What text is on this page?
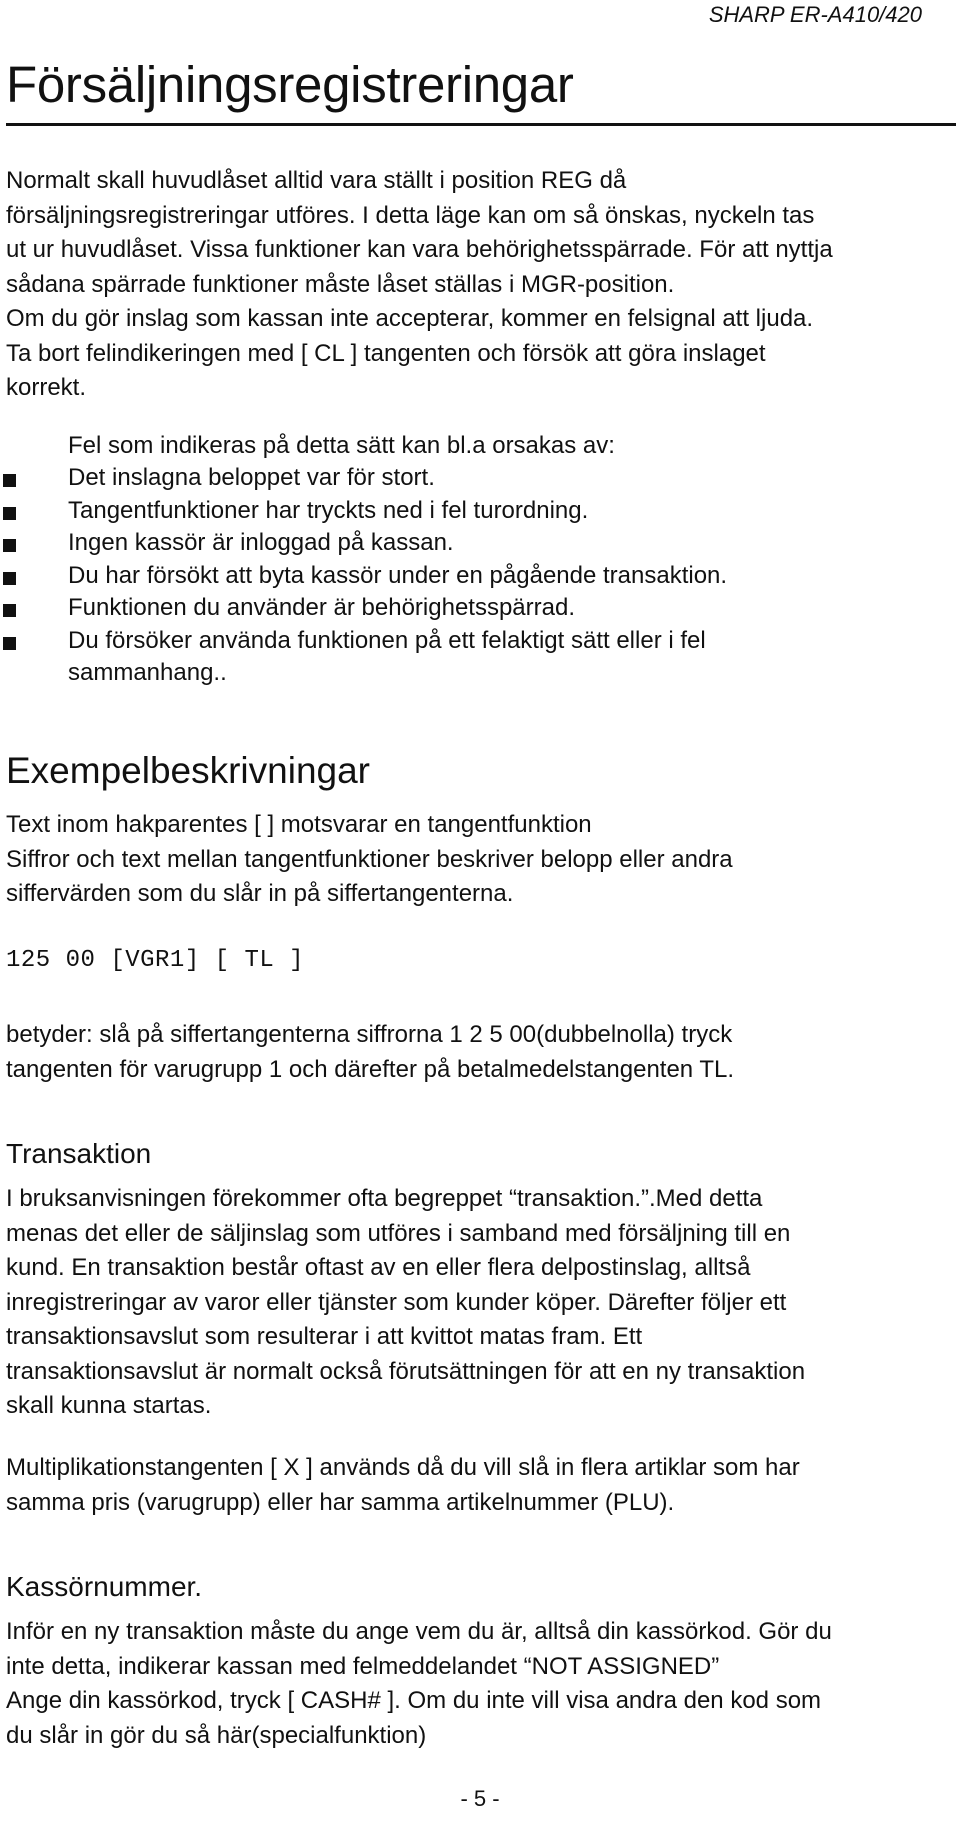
SHARP ER-A410/420
Försäljningsregistreringar

Normalt skall huvudlåset alltid vara ställt i position REG då
försäljningsregistreringar utföres. I detta läge kan om så önskas, nyckeln tas
ut ur huvudlåset. Vissa funktioner kan vara behörighetsspärrade. För att nyttja
sådana spärrade funktioner måste låset ställas i MGR-position.
Om du gör inslag som kassan inte accepterar, kommer en felsignal att ljuda.
Ta bort felindikeringen med [ CL ] tangenten och försök att göra inslaget
korrekt.

Fel som indikeras på detta sätt kan bl.a orsakas av:
Det inslagna beloppet var för stort.
Tangentfunktioner har tryckts ned i fel turordning.
Ingen kassör är inloggad på kassan.
Du har försökt att byta kassör under en pågående transaktion.
Funktionen du använder är behörighetsspärrad.
Du försöker använda funktionen på ett felaktigt sätt eller i fel
sammanhang..
Exempelbeskrivningar

Text inom hakparentes [ ] motsvarar en tangentfunktion
Siffror och text mellan tangentfunktioner beskriver belopp eller andra
siffervärden som du slår in på siffertangenterna.

125 00 [VGR1] [ TL ]

betyder: slå på siffertangenterna siffrorna 1 2 5 00(dubbelnolla) tryck
tangenten för varugrupp 1 och därefter på betalmedelstangenten TL.

Transaktion

I bruksanvisningen förekommer ofta begreppet “transaktion.”.Med detta
menas det eller de säljinslag som utföres i samband med försäljning till en
kund. En transaktion består oftast av en eller flera delpostinslag, alltså
inregistreringar av varor eller tjänster som kunder köper. Därefter följer ett
transaktionsavslut som resulterar i att kvittot matas fram. Ett
transaktionsavslut är normalt också förutsättningen för att en ny transaktion
skall kunna startas.

Multiplikationstangenten [ X ] används då du vill slå in flera artiklar som har
samma pris (varugrupp) eller har samma artikelnummer (PLU).

Kassörnummer.

Inför en ny transaktion måste du ange vem du är, alltså din kassörkod. Gör du
inte detta, indikerar kassan med felmeddelandet “NOT ASSIGNED”
Ange din kassörkod, tryck [ CASH# ]. Om du inte vill visa andra den kod som
du slår in gör du så här(specialfunktion)

- 5 -
